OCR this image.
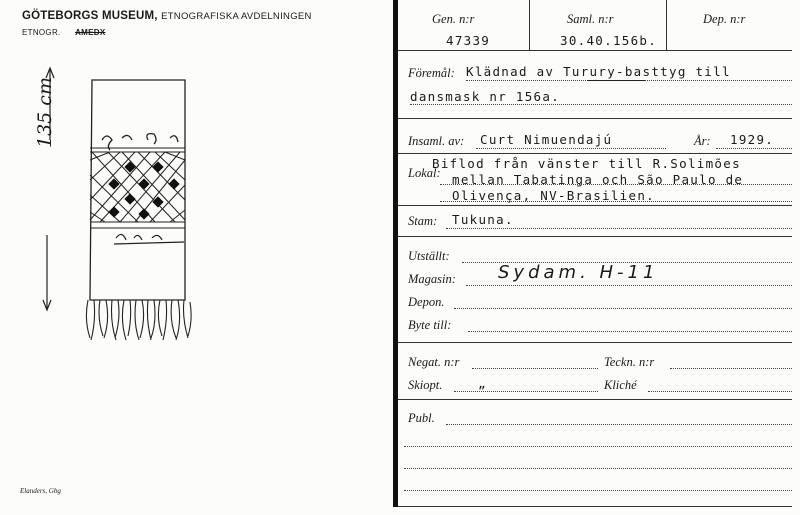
GÖTEBORGS MUSEUM, ETNOGRAFISKA AVDELNINGEN
ETNOGR. AMEDX
135 cm
Elanders, Gbg
Gen. n:r
47339
Saml. n:r
30.40.156b.
Dep. n:r
Föremål: Klädnad av Turury-basttyg till
dansmask nr 156a.
Insaml. av: Curt Nimuendajú	År: 1929.
Lokal:
Biflod från vänster till R.Solimões
mellan Tabatinga och São Paulo de
Olivença, NV-Brasilien.
Stam: Tukuna.
Utställt:
Magasin: Sydam. H-11
Depon.
Byte till:
Negat. n:r	Teckn. n:r
Skiopt.	„	Kliché
Publ.
